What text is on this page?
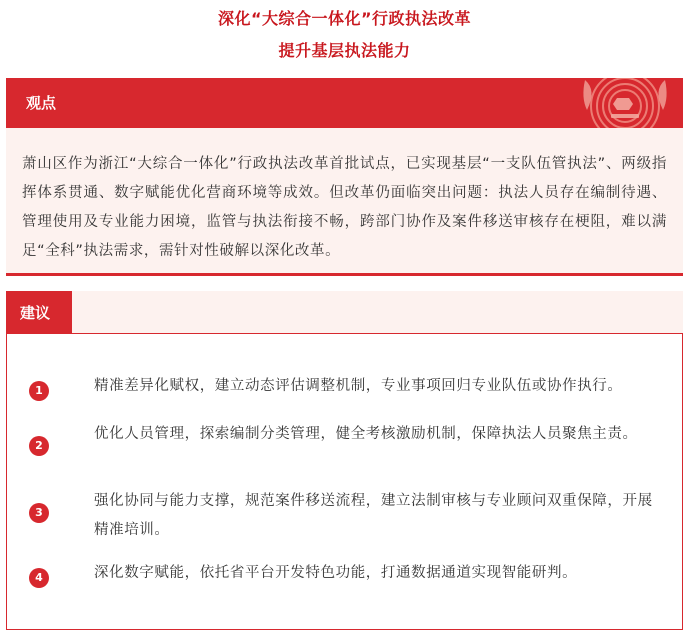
深化“大综合一体化”行政执法改革
提升基层执法能力
观点
萧山区作为浙江“大综合一体化”行政执法改革首批试点，已实现基层“一支队伍管执法”、两级指挥体系贯通、数字赋能优化营商环境等成效。但改革仍面临突出问题：执法人员存在编制待遇、管理使用及专业能力困境，监管与执法衔接不畅，跨部门协作及案件移送审核存在梗阻，难以满足“全科”执法需求，需针对性破解以深化改革。
建议
1	精准差异化赋权，建立动态评估调整机制，专业事项回归专业队伍或协作执行。
2
优化人员管理，探索编制分类管理，健全考核激励机制，保障执法人员聚焦主责。
3
强化协同与能力支撑，规范案件移送流程，建立法制审核与专业顾问双重保障，开展精准培训。
4	深化数字赋能，依托省平台开发特色功能，打通数据通道实现智能研判。
